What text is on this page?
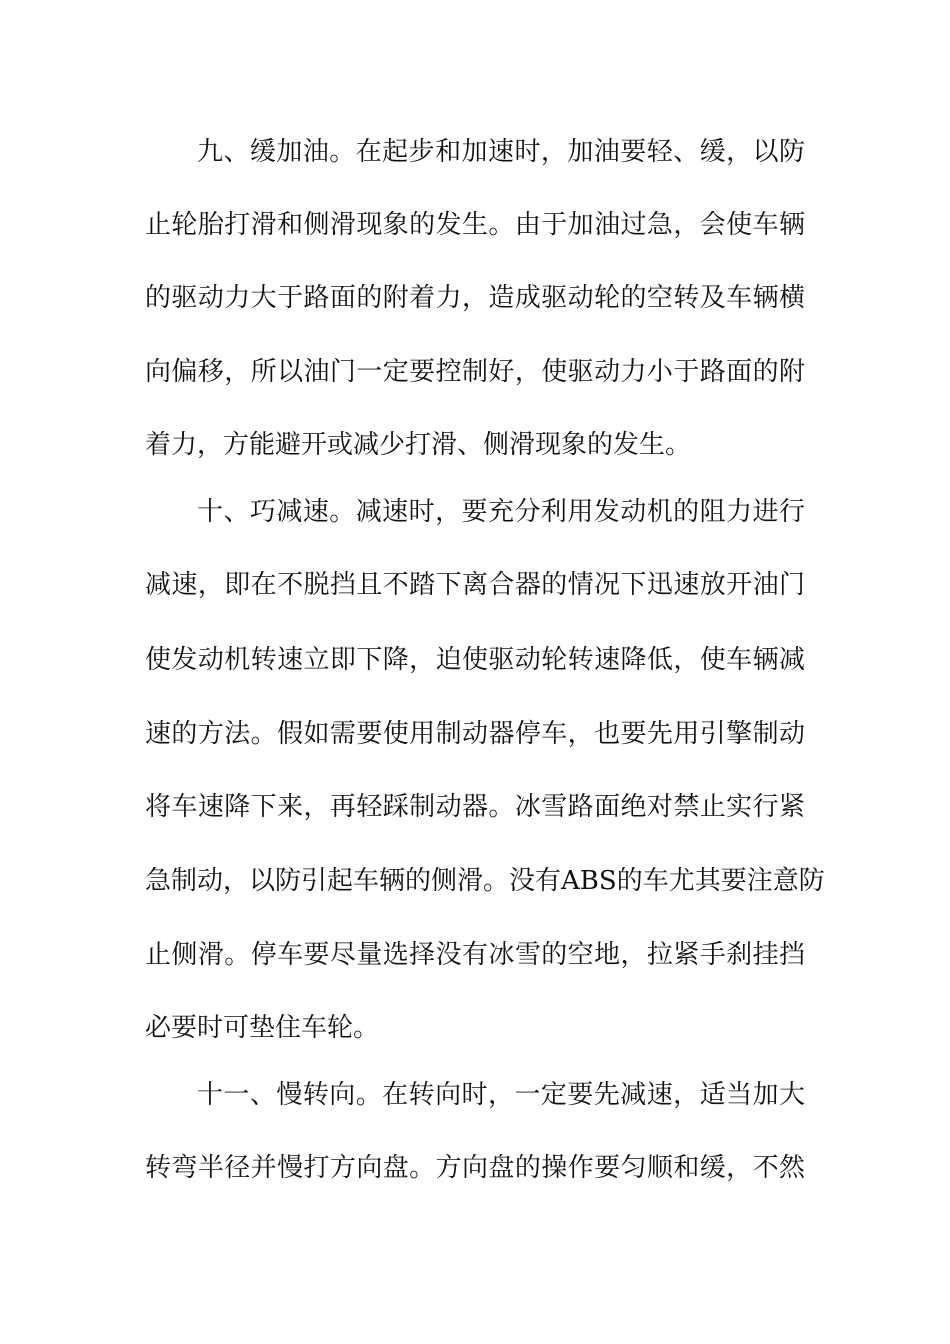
九、缓加油。在起步和加速时，加油要轻、缓，以防
止轮胎打滑和侧滑现象的发生。由于加油过急，会使车辆
的驱动力大于路面的附着力，造成驱动轮的空转及车辆横
向偏移，所以油门一定要控制好，使驱动力小于路面的附
着力，方能避开或减少打滑、侧滑现象的发生。
十、巧减速。减速时，要充分利用发动机的阻力进行
减速，即在不脱挡且不踏下离合器的情况下迅速放开油门
使发动机转速立即下降，迫使驱动轮转速降低，使车辆减
速的方法。假如需要使用制动器停车，也要先用引擎制动
将车速降下来，再轻踩制动器。冰雪路面绝对禁止实行紧
急制动，以防引起车辆的侧滑。没有ABS的车尤其要注意防
止侧滑。停车要尽量选择没有冰雪的空地，拉紧手刹挂挡
必要时可垫住车轮。
十一、慢转向。在转向时，一定要先减速，适当加大
转弯半径并慢打方向盘。方向盘的操作要匀顺和缓，不然
